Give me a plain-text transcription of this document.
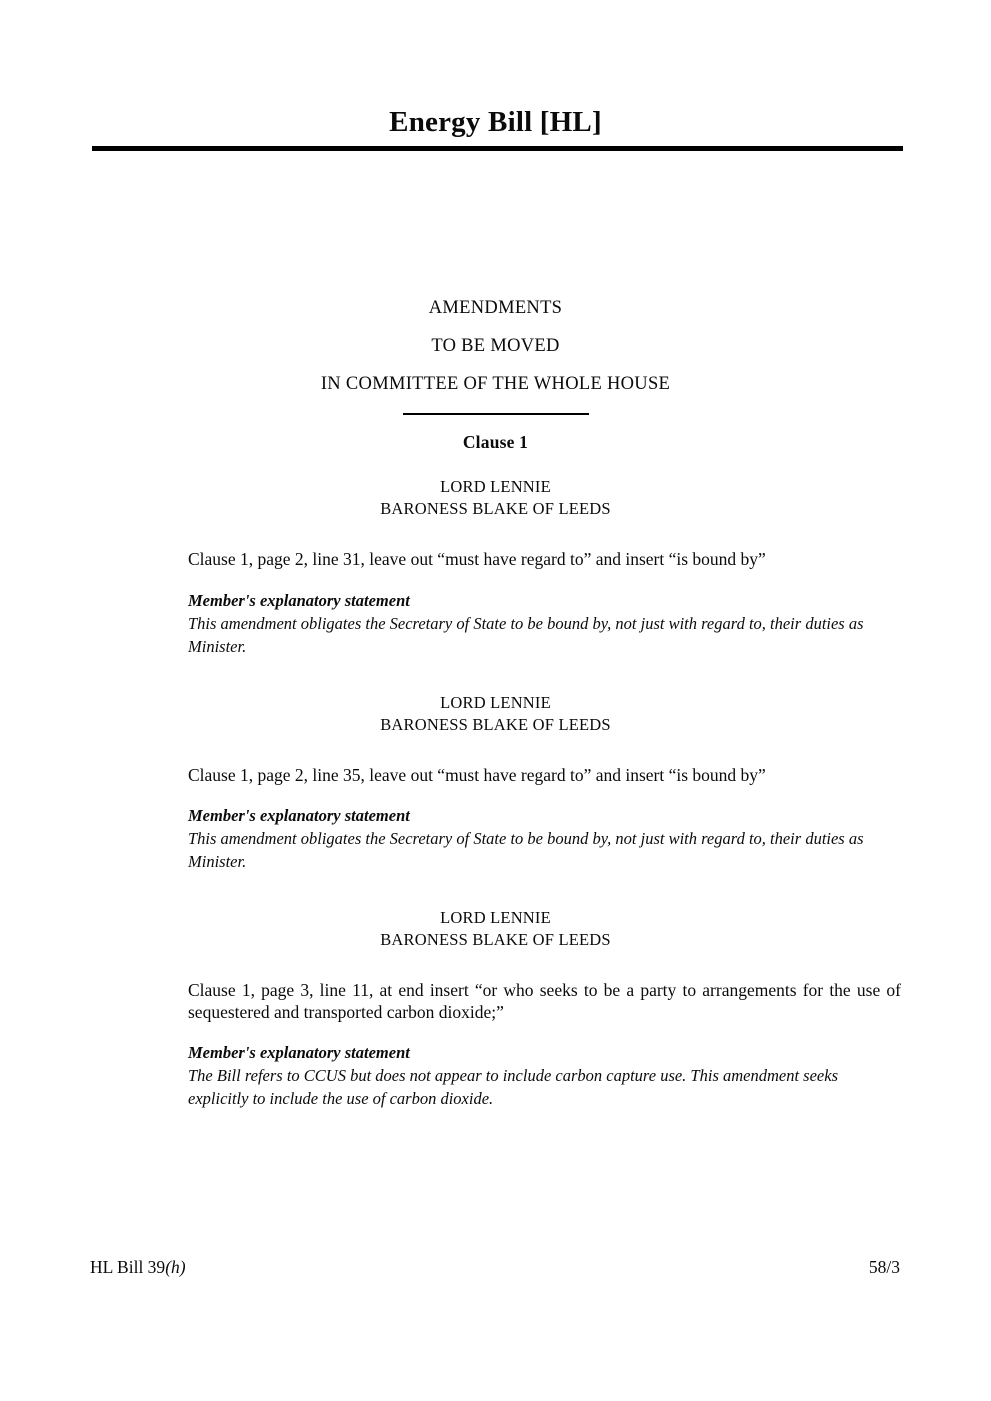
Energy Bill [HL]
AMENDMENTS
TO BE MOVED
IN COMMITTEE OF THE WHOLE HOUSE
Clause 1
LORD LENNIE
BARONESS BLAKE OF LEEDS

Clause 1, page 2, line 31, leave out “must have regard to” and insert “is bound by”

Member's explanatory statement
This amendment obligates the Secretary of State to be bound by, not just with regard to, their duties as Minister.
LORD LENNIE
BARONESS BLAKE OF LEEDS

Clause 1, page 2, line 35, leave out “must have regard to” and insert “is bound by”

Member's explanatory statement
This amendment obligates the Secretary of State to be bound by, not just with regard to, their duties as Minister.
LORD LENNIE
BARONESS BLAKE OF LEEDS

Clause 1, page 3, line 11, at end insert “or who seeks to be a party to arrangements for the use of sequestered and transported carbon dioxide;”

Member's explanatory statement
The Bill refers to CCUS but does not appear to include carbon capture use. This amendment seeks explicitly to include the use of carbon dioxide.
HL Bill 39(h)	58/3
